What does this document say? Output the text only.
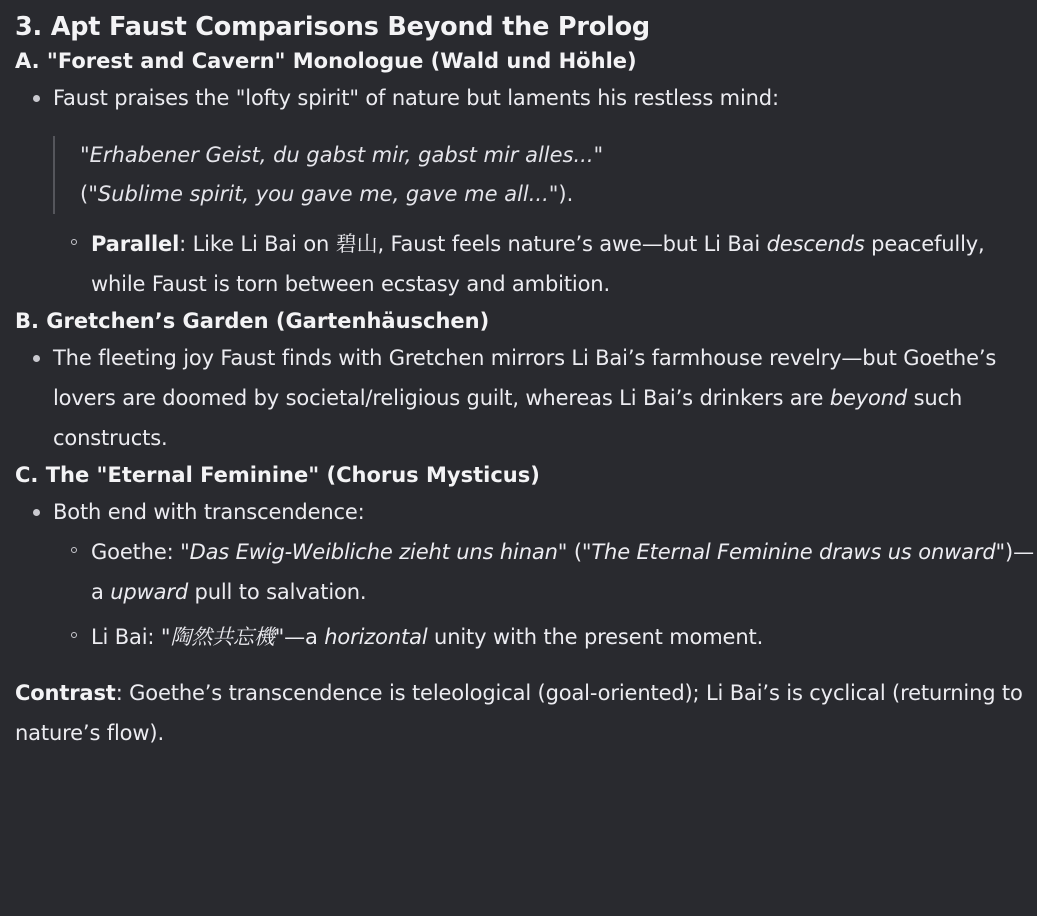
3. Apt Faust Comparisons Beyond the Prolog
A. "Forest and Cavern" Monologue (Wald und Höhle)
Faust praises the "lofty spirit" of nature but laments his restless mind:
"Erhabener Geist, du gabst mir, gabst mir alles..."
("Sublime spirit, you gave me, gave me all...").
Parallel: Like Li Bai on 碧山, Faust feels nature’s awe—but Li Bai descends peacefully, while Faust is torn between ecstasy and ambition.
B. Gretchen’s Garden (Gartenhäuschen)
The fleeting joy Faust finds with Gretchen mirrors Li Bai’s farmhouse revelry—but Goethe’s lovers are doomed by societal/religious guilt, whereas Li Bai’s drinkers are beyond such constructs.
C. The "Eternal Feminine" (Chorus Mysticus)
Both end with transcendence:
Goethe: "Das Ewig-Weibliche zieht uns hinan" ("The Eternal Feminine draws us onward")—a upward pull to salvation.
Li Bai: "陶然共忘機"—a horizontal unity with the present moment.

Contrast: Goethe’s transcendence is teleological (goal-oriented); Li Bai’s is cyclical (returning to nature’s flow).
